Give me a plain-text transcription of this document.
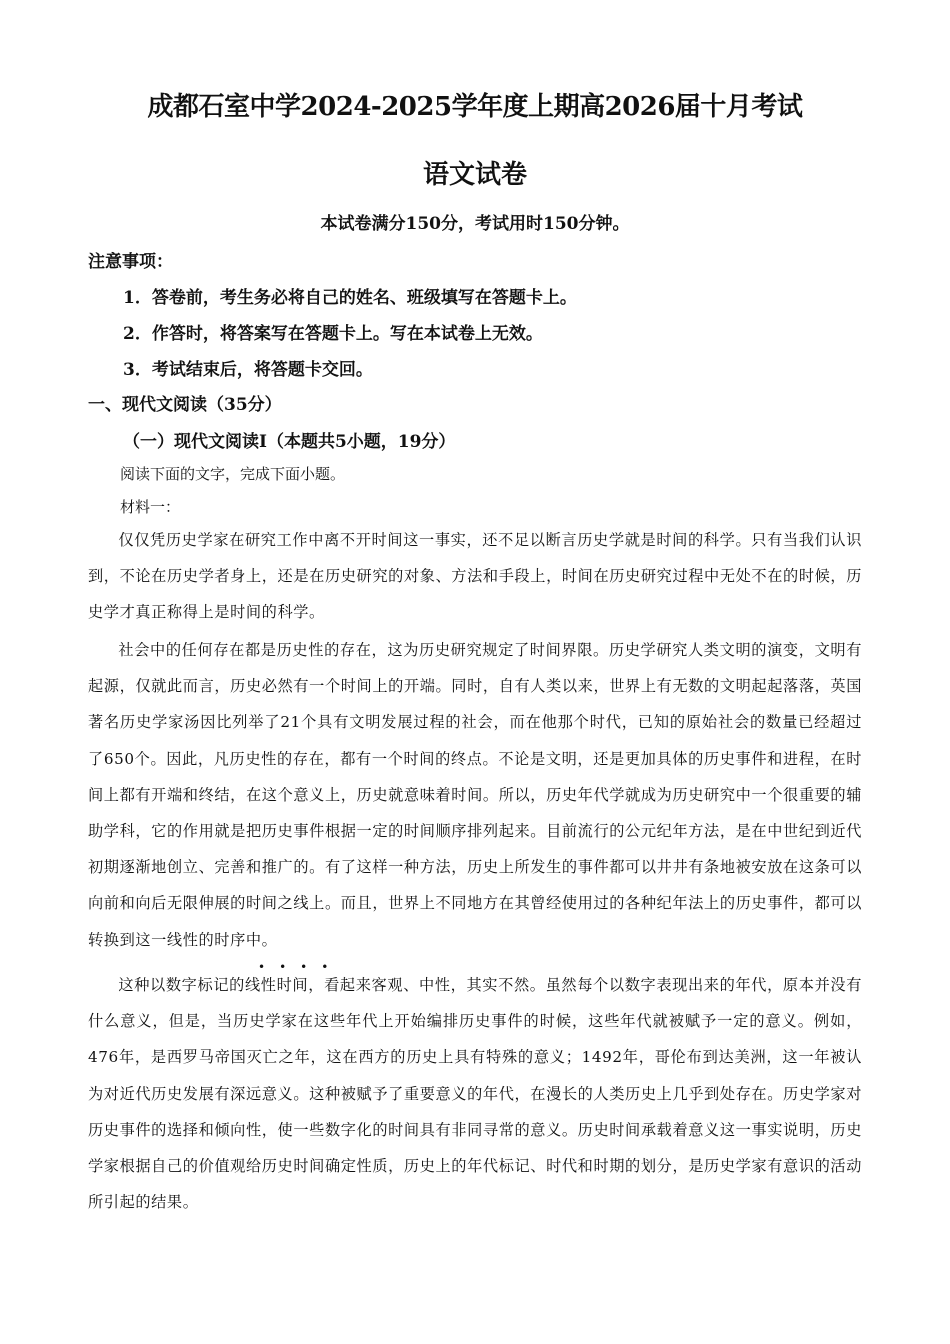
成都石室中学2024-2025学年度上期高2026届十月考试
语文试卷
本试卷满分150分，考试用时150分钟。
注意事项：
1．答卷前，考生务必将自己的姓名、班级填写在答题卡上。
2．作答时，将答案写在答题卡上。写在本试卷上无效。
3．考试结束后，将答题卡交回。
一、现代文阅读（35分）
（一）现代文阅读Ⅰ（本题共5小题，19分）
阅读下面的文字，完成下面小题。
材料一：

仅仅凭历史学家在研究工作中离不开时间这一事实，还不足以断言历史学就是时间的科学。只有当我们认识到，不论在历史学者身上，还是在历史研究的对象、方法和手段上，时间在历史研究过程中无处不在的时候，历史学才真正称得上是时间的科学。

社会中的任何存在都是历史性的存在，这为历史研究规定了时间界限。历史学研究人类文明的演变，文明有起源，仅就此而言，历史必然有一个时间上的开端。同时，自有人类以来，世界上有无数的文明起起落落，英国著名历史学家汤因比列举了21个具有文明发展过程的社会，而在他那个时代，已知的原始社会的数量已经超过了650个。因此，凡历史性的存在，都有一个时间的终点。不论是文明，还是更加具体的历史事件和进程，在时间上都有开端和终结，在这个意义上，历史就意味着时间。所以，历史年代学就成为历史研究中一个很重要的辅助学科，它的作用就是把历史事件根据一定的时间顺序排列起来。目前流行的公元纪年方法，是在中世纪到近代初期逐渐地创立、完善和推广的。有了这样一种方法，历史上所发生的事件都可以井井有条地被安放在这条可以向前和向后无限伸展的时间之线上。而且，世界上不同地方在其曾经使用过的各种纪年法上的历史事件，都可以转换到这一线性的时序中。

••••

这种以数字标记的线性时间，看起来客观、中性，其实不然。虽然每个以数字表现出来的年代，原本并没有什么意义，但是，当历史学家在这些年代上开始编排历史事件的时候，这些年代就被赋予一定的意义。例如，476年，是西罗马帝国灭亡之年，这在西方的历史上具有特殊的意义；1492年，哥伦布到达美洲，这一年被认为对近代历史发展有深远意义。这种被赋予了重要意义的年代，在漫长的人类历史上几乎到处存在。历史学家对历史事件的选择和倾向性，使一些数字化的时间具有非同寻常的意义。历史时间承载着意义这一事实说明，历史学家根据自己的价值观给历史时间确定性质，历史上的年代标记、时代和时期的划分，是历史学家有意识的活动所引起的结果。
